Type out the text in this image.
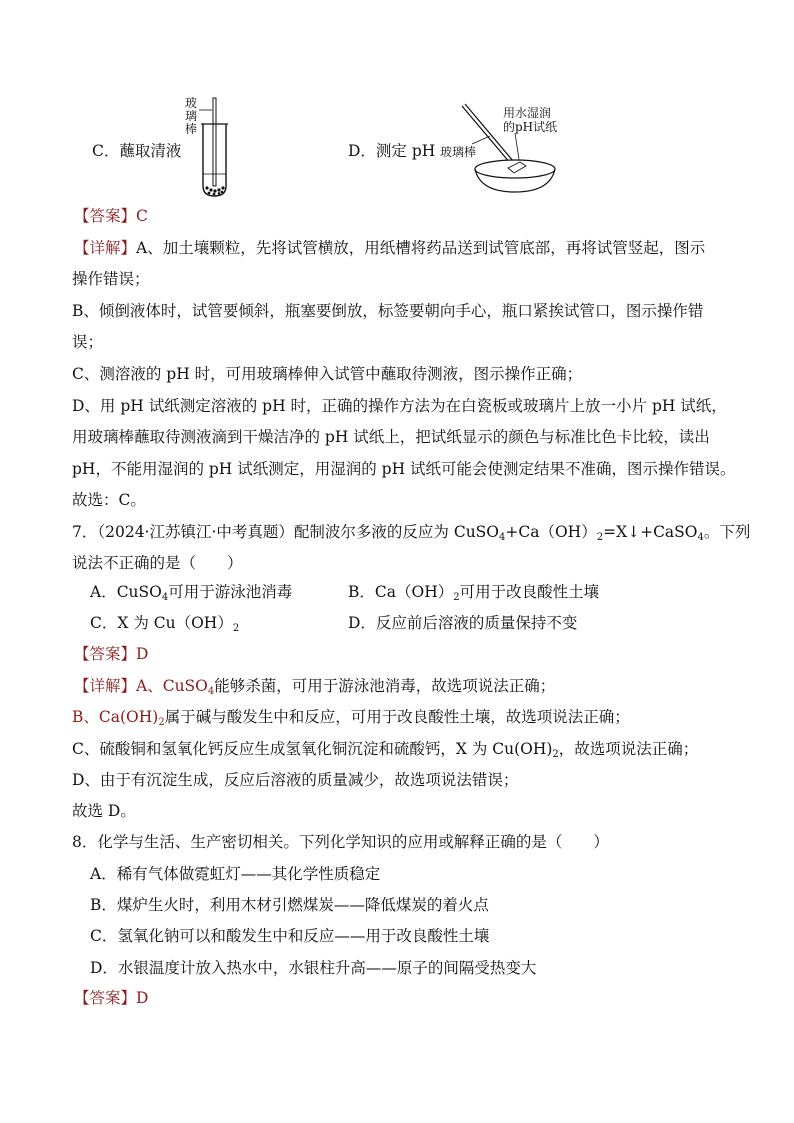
C．蘸取清液
玻
璃
棒
D．测定 pH
用水湿润
的pH试纸
玻璃棒
【答案】C
【详解】A、加土壤颗粒，先将试管横放，用纸槽将药品送到试管底部，再将试管竖起，图示
操作错误；
B、倾倒液体时，试管要倾斜，瓶塞要倒放，标签要朝向手心，瓶口紧挨试管口，图示操作错
误；
C、测溶液的 pH 时，可用玻璃棒伸入试管中蘸取待测液，图示操作正确；
D、用 pH 试纸测定溶液的 pH 时，正确的操作方法为在白瓷板或玻璃片上放一小片 pH 试纸，
用玻璃棒蘸取待测液滴到干燥洁净的 pH 试纸上，把试纸显示的颜色与标准比色卡比较，读出
pH，不能用湿润的 pH 试纸测定，用湿润的 pH 试纸可能会使测定结果不准确，图示操作错误。
故选：C。
7．（2024·江苏镇江·中考真题）配制波尔多液的反应为 $CuSO_4+Ca(OH)_2=X↓+CaSO_4$。下列
说法不正确的是（　　）
A．CuSO$_4$可用于游泳池消毒	B．$Ca(OH)_2$可用于改良酸性土壤
C．X 为 $Cu(OH)_2$	D．反应前后溶液的质量保持不变
【答案】D
【详解】A、CuSO$_4$能够杀菌，可用于游泳池消毒，故选项说法正确；
B、$Ca(OH)_2$属于碱与酸发生中和反应，可用于改良酸性土壤，故选项说法正确；
C、硫酸铜和氢氧化钙反应生成氢氧化铜沉淀和硫酸钙，X 为 $Cu(OH)_2$，故选项说法正确；
D、由于有沉淀生成，反应后溶液的质量减少，故选项说法错误；
故选 D。
8．化学与生活、生产密切相关。下列化学知识的应用或解释正确的是（　　）
A．稀有气体做霓虹灯——其化学性质稳定
B．煤炉生火时，利用木材引燃煤炭——降低煤炭的着火点
C．氢氧化钠可以和酸发生中和反应——用于改良酸性土壤
D．水银温度计放入热水中，水银柱升高——原子的间隔受热变大
【答案】D
